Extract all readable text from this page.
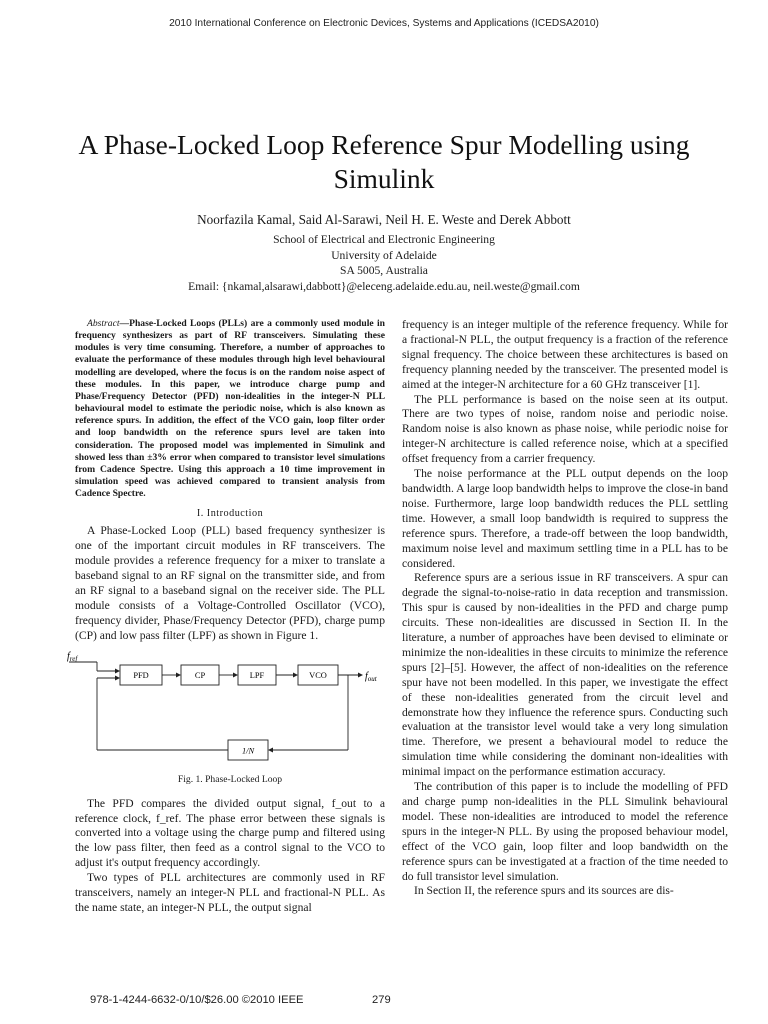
2010 International Conference on Electronic Devices, Systems and Applications (ICEDSA2010)
A Phase-Locked Loop Reference Spur Modelling using Simulink
Noorfazila Kamal, Said Al-Sarawi, Neil H. E. Weste and Derek Abbott
School of Electrical and Electronic Engineering
University of Adelaide
SA 5005, Australia
Email: {nkamal,alsarawi,dabbott}@eleceng.adelaide.edu.au, neil.weste@gmail.com

Abstract—Phase-Locked Loops (PLLs) are a commonly used module in frequency synthesizers as part of RF transceivers. Simulating these modules is very time consuming. Therefore, a number of approaches to evaluate the performance of these modules through high level behavioural modelling are developed, where the focus is on the random noise aspect of these modules. In this paper, we introduce charge pump and Phase/Frequency Detector (PFD) non-idealities in the integer-N PLL behavioural model to estimate the periodic noise, which is also known as reference spurs. In addition, the effect of the VCO gain, loop filter order and loop bandwidth on the reference spurs level are taken into consideration. The proposed model was implemented in Simulink and showed less than ±3% error when compared to transistor level simulations from Cadence Spectre. Using this approach a 10 time improvement in simulation speed was achieved compared to transient analysis from Cadence Spectre.

I. Introduction

A Phase-Locked Loop (PLL) based frequency synthesizer is one of the important circuit modules in RF transceivers. The module provides a reference frequency for a mixer to translate a baseband signal to an RF signal on the transmitter side, and from an RF signal to a baseband signal on the receiver side. The PLL module consists of a Voltage-Controlled Oscillator (VCO), frequency divider, Phase/Frequency Detector (PFD), charge pump (CP) and low pass filter (LPF) as shown in Figure 1.

$f_{ref}$
PFD	CP	LPF	VCO	$f_{out}$
1/N
Fig. 1. Phase-Locked Loop

The PFD compares the divided output signal, f_out to a reference clock, f_ref. The phase error between these signals is converted into a voltage using the charge pump and filtered using the low pass filter, then feed as a control signal to the VCO to adjust it's output frequency accordingly.

Two types of PLL architectures are commonly used in RF transceivers, namely an integer-N PLL and fractional-N PLL. As the name state, an integer-N PLL, the output signal

frequency is an integer multiple of the reference frequency. While for a fractional-N PLL, the output frequency is a fraction of the reference signal frequency. The choice between these architectures is based on frequency planning needed by the transceiver. The presented model is aimed at the integer-N architecture for a 60 GHz transceiver [1].

The PLL performance is based on the noise seen at its output. There are two types of noise, random noise and periodic noise. Random noise is also known as phase noise, while periodic noise for integer-N architecture is called reference noise, which at a specified offset frequency from a carrier frequency.

The noise performance at the PLL output depends on the loop bandwidth. A large loop bandwidth helps to improve the close-in band noise. Furthermore, large loop bandwidth reduces the PLL settling time. However, a small loop bandwidth is required to suppress the reference spurs. Therefore, a trade-off between the loop bandwidth, maximum noise level and maximum settling time in a PLL has to be considered.

Reference spurs are a serious issue in RF transceivers. A spur can degrade the signal-to-noise-ratio in data reception and transmission. This spur is caused by non-idealities in the PFD and charge pump circuits. These non-idealities are discussed in Section II. In the literature, a number of approaches have been devised to eliminate or minimize the non-idealities in these circuits to minimize the reference spurs [2]–[5]. However, the affect of non-idealities on the reference spur have not been modelled. In this paper, we investigate the effect of these non-idealities generated from the circuit level and demonstrate how they influence the reference spurs. Conducting such evaluation at the transistor level would take a very long simulation time. Therefore, we present a behavioural model to reduce the simulation time while considering the dominant non-idealities with minimal impact on the performance estimation accuracy.

The contribution of this paper is to include the modelling of PFD and charge pump non-idealities in the PLL Simulink behavioural model. These non-idealities are introduced to model the reference spurs in the integer-N PLL. By using the proposed behaviour model, effect of the VCO gain, loop filter and loop bandwidth on the reference spurs can be investigated at a fraction of the time needed to do full transistor level simulation.

In Section II, the reference spurs and its sources are dis-

978-1-4244-6632-0/10/$26.00 ©2010 IEEE	279
